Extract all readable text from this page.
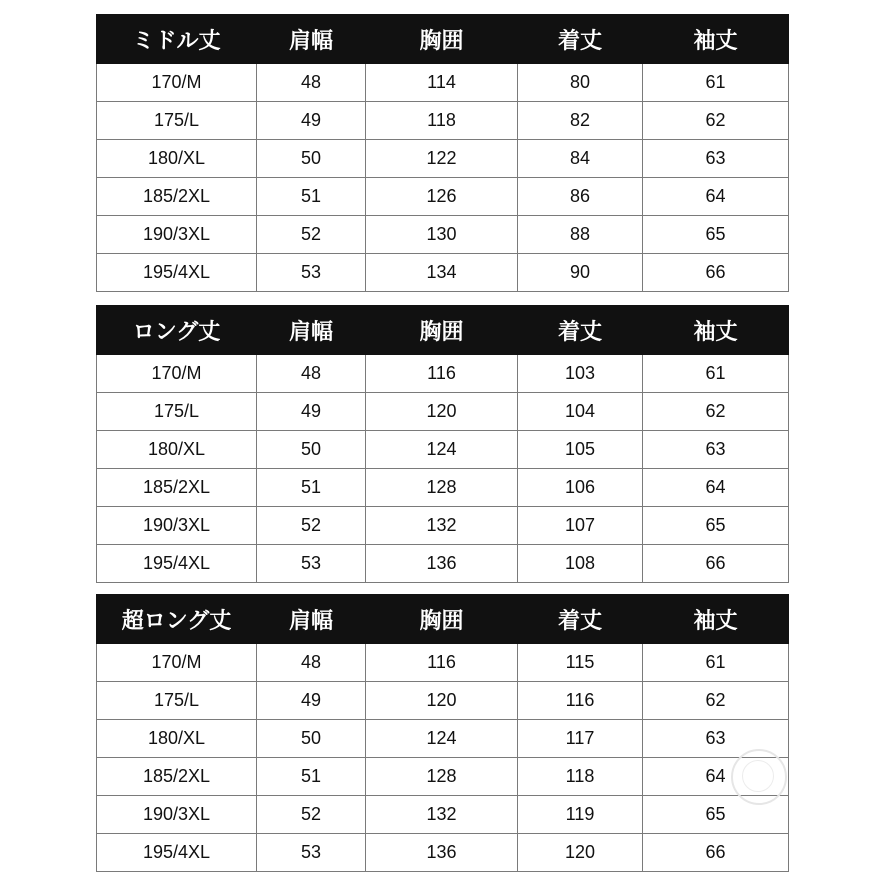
ミドル丈	肩幅	胸囲	着丈	袖丈
170/M	48	114	80	61
175/L	49	118	82	62
180/XL	50	122	84	63
185/2XL	51	126	86	64
190/3XL	52	130	88	65
195/4XL	53	134	90	66
ロング丈	肩幅	胸囲	着丈	袖丈
170/M	48	116	103	61
175/L	49	120	104	62
180/XL	50	124	105	63
185/2XL	51	128	106	64
190/3XL	52	132	107	65
195/4XL	53	136	108	66
超ロング丈	肩幅	胸囲	着丈	袖丈
170/M	48	116	115	61
175/L	49	120	116	62
180/XL	50	124	117	63
185/2XL	51	128	118	64
190/3XL	52	132	119	65
195/4XL	53	136	120	66
